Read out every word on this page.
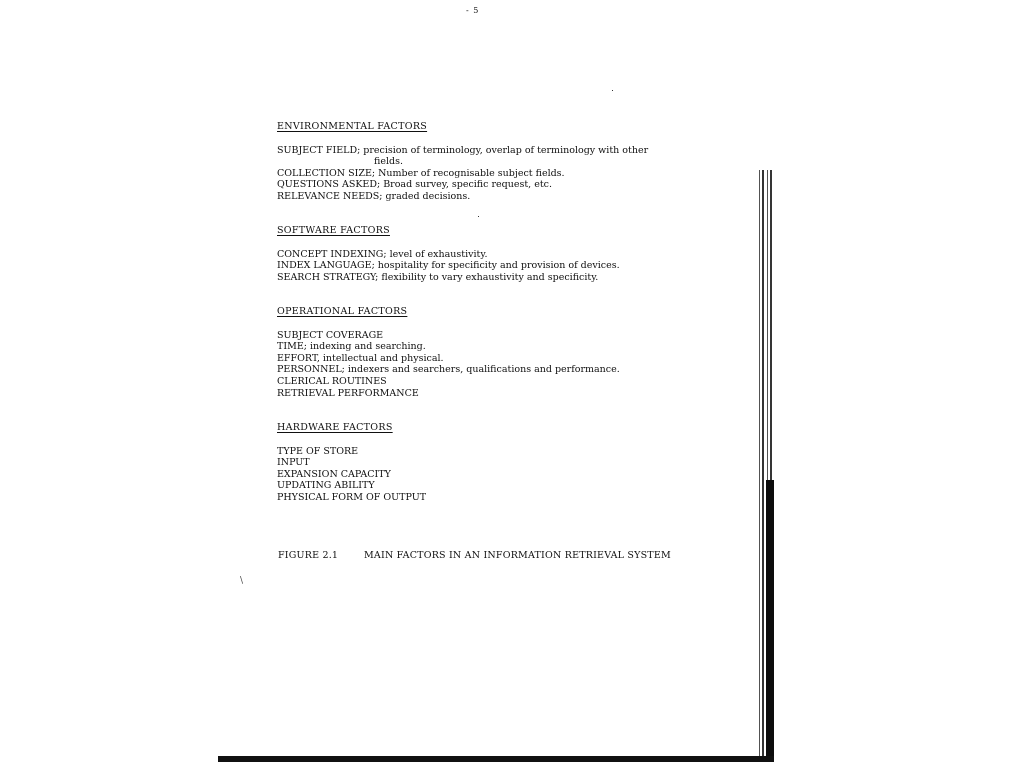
- 5
ENVIRONMENTAL FACTORS
SUBJECT FIELD; precision of terminology, overlap of terminology with other
fields.
COLLECTION SIZE; Number of recognisable subject fields.
QUESTIONS ASKED; Broad survey, specific request, etc.
RELEVANCE NEEDS; graded decisions.
SOFTWARE FACTORS
CONCEPT INDEXING; level of exhaustivity.
INDEX LANGUAGE; hospitality for specificity and provision of devices.
SEARCH STRATEGY; flexibility to vary exhaustivity and specificity.
OPERATIONAL FACTORS
SUBJECT COVERAGE
TIME; indexing and searching.
EFFORT, intellectual and physical.
PERSONNEL; indexers and searchers, qualifications and performance.
CLERICAL ROUTINES
RETRIEVAL PERFORMANCE
HARDWARE FACTORS
TYPE OF STORE
INPUT
EXPANSION CAPACITY
UPDATING ABILITY
PHYSICAL FORM OF OUTPUT
FIGURE 2.1	MAIN FACTORS IN AN INFORMATION RETRIEVAL SYSTEM
\
